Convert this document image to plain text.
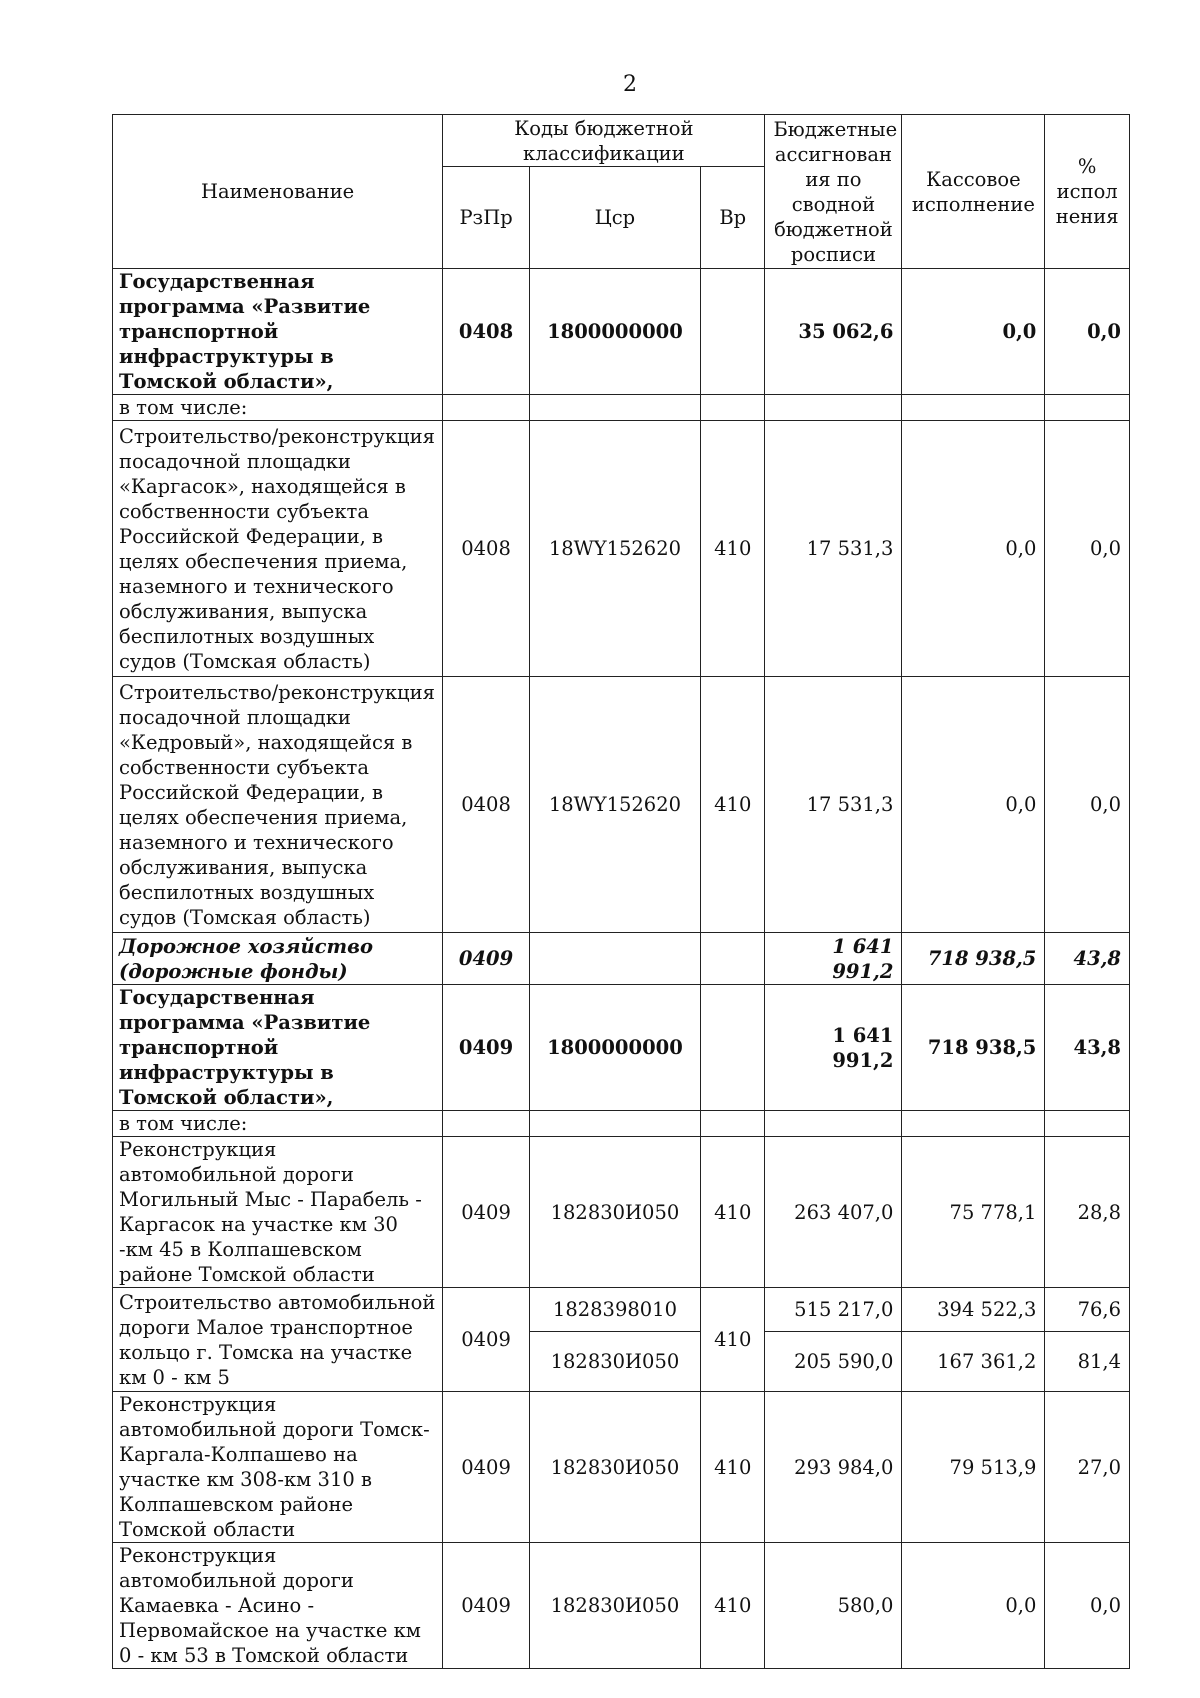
2
Наименование	Коды бюджетной классификации			Бюджетные ассигнован ия по сводной бюджетной росписи	Кассовое исполнение	% испол нения
	РзПр	Цср	Вр			
Государственная программа «Развитие транспортной инфраструктуры в Томской области»,	0408	1800000000		35 062,6	0,0	0,0
в том числе:						
Строительство/реконструкция посадочной площадки «Каргасок», находящейся в собственности субъекта Российской Федерации, в целях обеспечения приема, наземного и технического обслуживания, выпуска беспилотных воздушных судов (Томская область)	0408	18WY152620	410	17 531,3	0,0	0,0
Строительство/реконструкция посадочной площадки «Кедровый», находящейся в собственности субъекта Российской Федерации, в целях обеспечения приема, наземного и технического обслуживания, выпуска беспилотных воздушных судов (Томская область)	0408	18WY152620	410	17 531,3	0,0	0,0
Дорожное хозяйство (дорожные фонды)	0409			1 641 991,2	718 938,5	43,8
Государственная программа «Развитие транспортной инфраструктуры в Томской области»,	0409	1800000000		1 641 991,2	718 938,5	43,8
в том числе:						
Реконструкция автомобильной дороги Могильный Мыс - Парабель - Каргасок на участке км 30 -км 45 в Колпашевском районе Томской области	0409	182830И050	410	263 407,0	75 778,1	28,8
Строительство автомобильной дороги Малое транспортное кольцо г. Томска на участке км 0 - км 5	0409	1828398010	410	515 217,0	394 522,3	76,6
		182830И050		205 590,0	167 361,2	81,4
Реконструкция автомобильной дороги Томск-Каргала-Колпашево на участке км 308-км 310 в Колпашевском районе Томской области	0409	182830И050	410	293 984,0	79 513,9	27,0
Реконструкция автомобильной дороги Камаевка - Асино - Первомайское на участке км 0 - км 53 в Томской области	0409	182830И050	410	580,0	0,0	0,0
